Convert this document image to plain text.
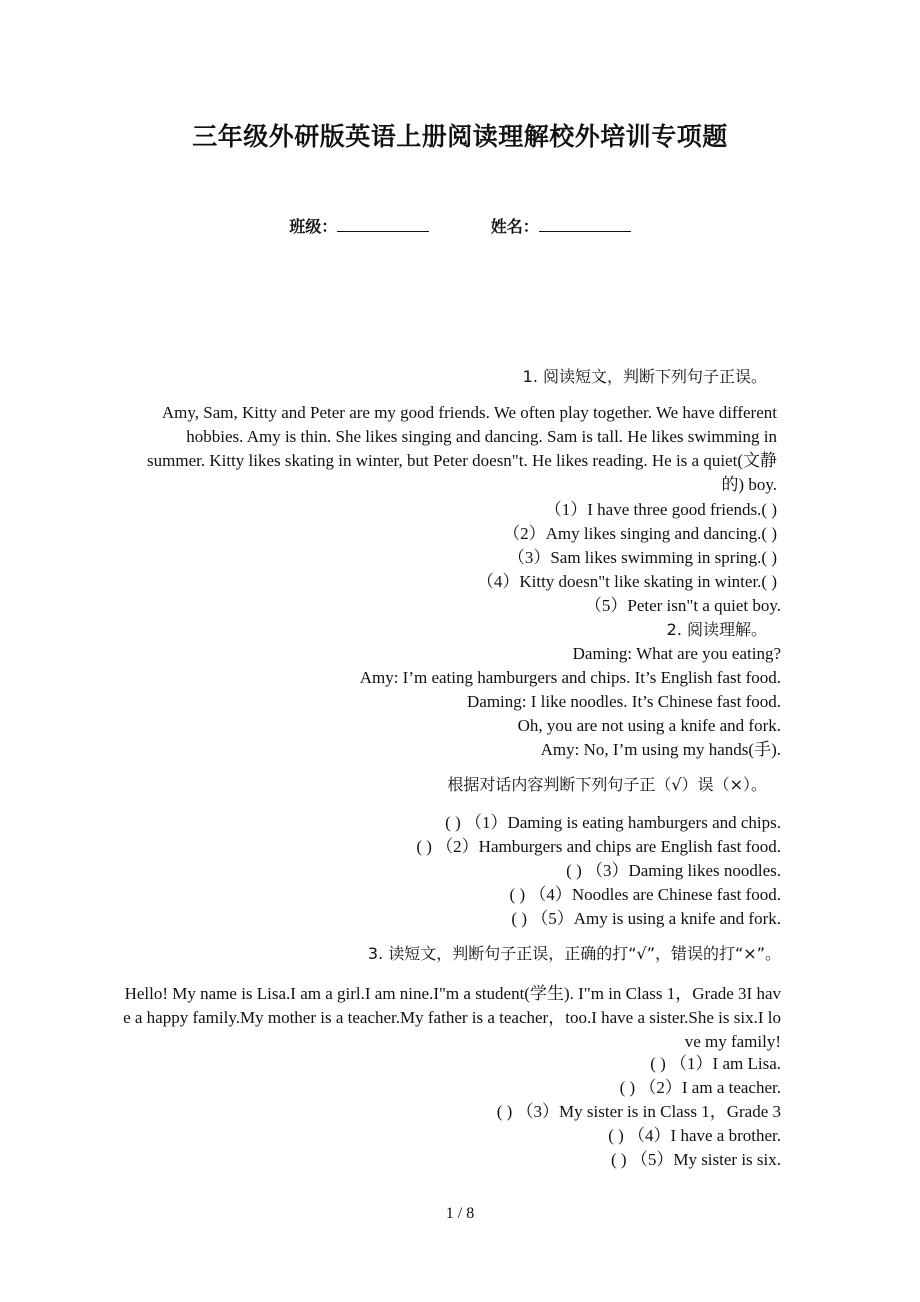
三年级外研版英语上册阅读理解校外培训专项题
班级：	姓名：
1. 阅读短文，判断下列句子正误。
Amy, Sam, Kitty and Peter are my good friends. We often play together. We have different hobbies. Amy is thin. She likes singing and dancing. Sam is tall. He likes swimming in summer. Kitty likes skating in winter, but Peter doesn"t. He likes reading. He is a quiet(文静的) boy.
（1）I have three good friends.( )
（2）Amy likes singing and dancing.( )
（3）Sam likes swimming in spring.( )
（4）Kitty doesn"t like skating in winter.( )
（5）Peter isn"t a quiet boy.
2. 阅读理解。
Daming: What are you eating?
Amy: I’m eating hamburgers and chips. It’s English fast food.
Daming: I like noodles. It’s Chinese fast food.
Oh, you are not using a knife and fork.
Amy: No, I’m using my hands(手).
根据对话内容判断下列句子正（√）误（×）。
( ) （1）Daming is eating hamburgers and chips.
( ) （2）Hamburgers and chips are English fast food.
( ) （3）Daming likes noodles.
( ) （4）Noodles are Chinese fast food.
( ) （5）Amy is using a knife and fork.
3. 读短文，判断句子正误，正确的打“√”，错误的打“×”。
Hello! My name is Lisa.I am a girl.I am nine.I"m a student(学生). I"m in Class 1，Grade 3I have a happy family.My mother is a teacher.My father is a teacher，too.I have a sister.She is six.I love my family!
( ) （1）I am Lisa.
( ) （2）I am a teacher.
( ) （3）My sister is in Class 1，Grade 3
( ) （4）I have a brother.
( ) （5）My sister is six.
1 / 8
